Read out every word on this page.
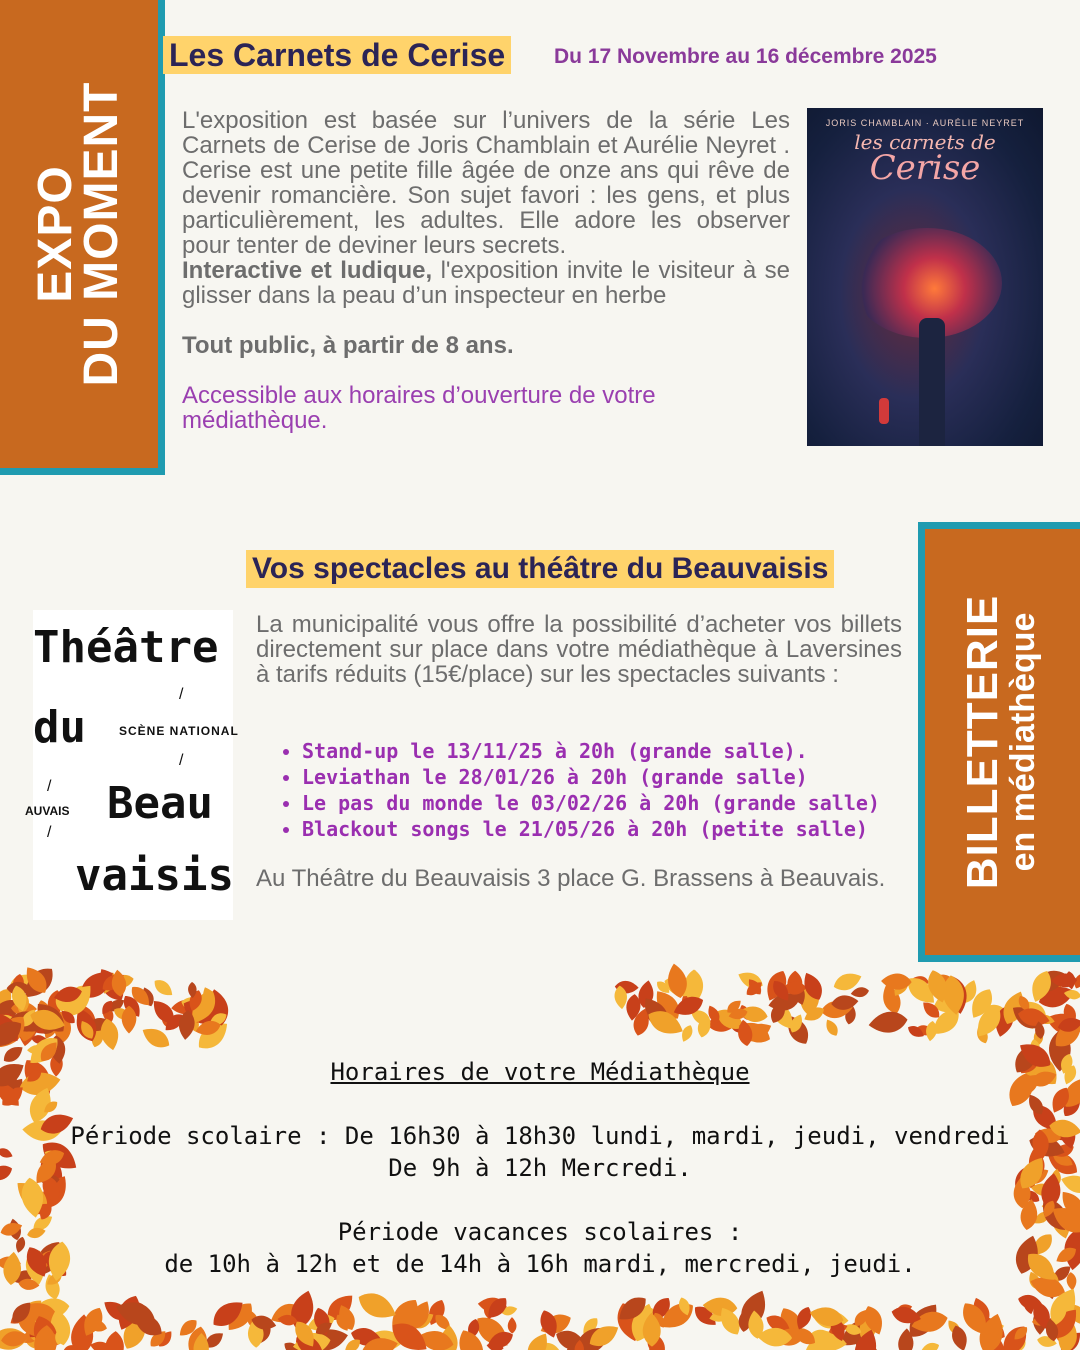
EXPO
DU MOMENT
Les Carnets de Cerise Du 17 Novembre au 16 décembre 2025

L'exposition est basée sur l’univers de la série Les Carnets de Cerise de Joris Chamblain et Aurélie Neyret . Cerise est une petite fille âgée de onze ans qui rêve de devenir romancière. Son sujet favori : les gens, et plus particulièrement, les adultes. Elle adore les observer pour tenter de deviner leurs secrets.

Interactive et ludique, l'exposition invite le visiteur à se glisser dans la peau d’un inspecteur en herbe

Tout public, à partir de 8 ans.

Accessible aux horaires d’ouverture de votre médiathèque.

JORIS CHAMBLAIN · AURÉLIE NEYRET
les carnets de
Cerise
Vos spectacles au théâtre du Beauvaisis
BILLETTERIE
en médiathèque
Théâtre
/
du	SCÈNE NATIONAL
/
/
AUVAIS Beau
/
vaisis

La municipalité vous offre la possibilité d’acheter vos billets directement sur place dans votre médiathèque à Laversines à tarifs réduits (15€/place) sur les spectacles suivants :

• Stand-up le 13/11/25 à 20h (grande salle).
• Leviathan le 28/01/26 à 20h (grande salle)
• Le pas du monde le 03/02/26 à 20h (grande salle)
• Blackout songs le 21/05/26 à 20h (petite salle)

Au Théâtre du Beauvaisis 3 place G. Brassens à Beauvais.

Horaires de votre Médiathèque
Période scolaire : De 16h30 à 18h30 lundi, mardi, jeudi, vendredi
De 9h à 12h Mercredi.
Période vacances scolaires :
de 10h à 12h et de 14h à 16h mardi, mercredi, jeudi.
